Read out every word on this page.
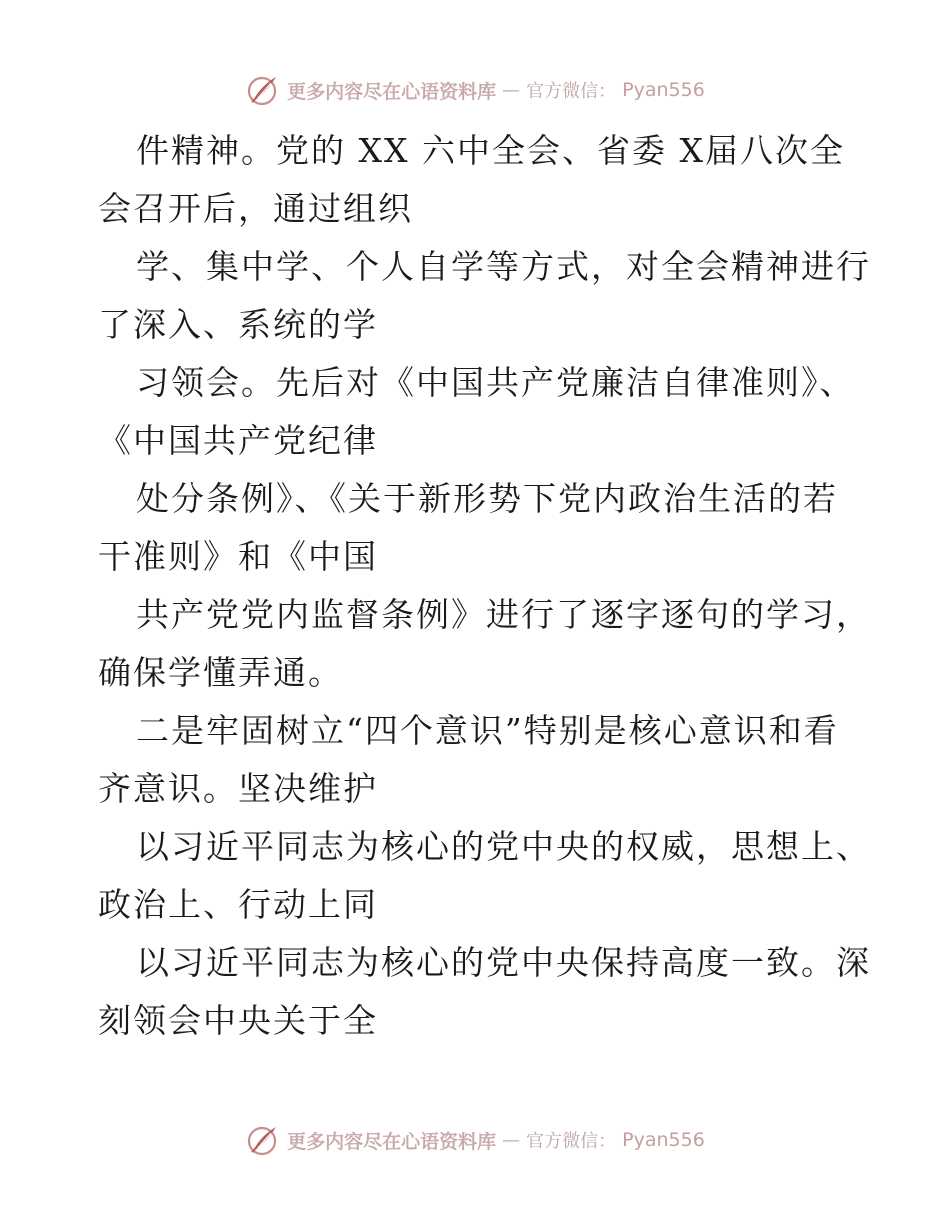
更多内容尽在心语资料库 — 官方微信： Pyan556
件精神。党的 XX 六中全会、省委 X届八次全
会召开后，通过组织
学、集中学、个人自学等方式，对全会精神进行
了深入、系统的学
习领会。先后对《中国共产党廉洁自律准则》、
《中国共产党纪律
处分条例》、《关于新形势下党内政治生活的若
干准则》和《中国
共产党党内监督条例》进行了逐字逐句的学习，
确保学懂弄通。
二是牢固树立“四个意识”特别是核心意识和看
齐意识。坚决维护
以习近平同志为核心的党中央的权威，思想上、
政治上、行动上同
以习近平同志为核心的党中央保持高度一致。深
刻领会中央关于全
更多内容尽在心语资料库 — 官方微信： Pyan556
